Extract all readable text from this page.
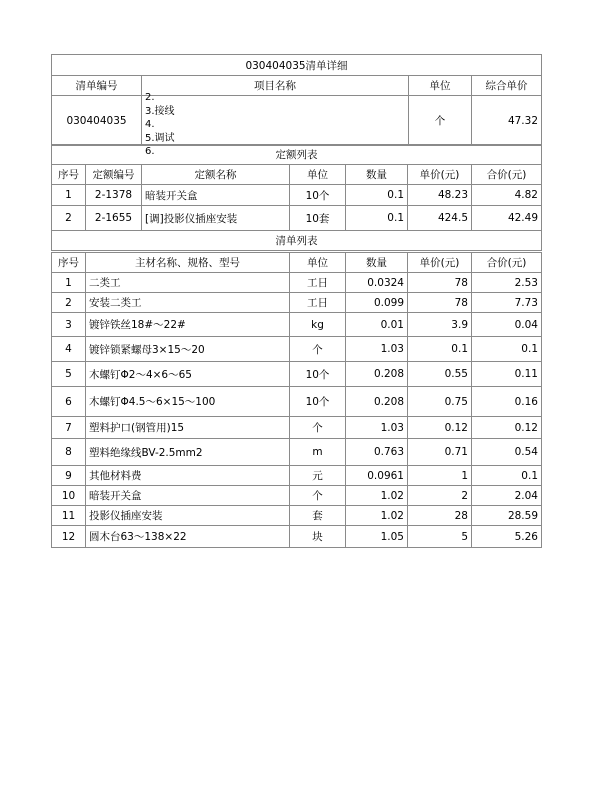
030404035清单详细			
清单编号	项目名称	单位	综合单价
030404035	2.
3.接线
4.
5.调试
6.	个	47.32
定额列表						
序号	定额编号	定额名称	单位	数量	单价(元)	合价(元)
1	2-1378	暗装开关盒	10个	0.1	48.23	4.82
2	2-1655	[调]投影仪插座安装	10套	0.1	424.5	42.49
清单列表						
序号	主材名称、规格、型号	单位	数量	单价(元)	合价(元)
1	二类工	工日	0.0324	78	2.53
2	安装二类工	工日	0.099	78	7.73
3	镀锌铁丝18#～22#	kg	0.01	3.9	0.04
4	镀锌锁紧螺母3×15～20	个	1.03	0.1	0.1
5	木螺钉Φ2～4×6～65	10个	0.208	0.55	0.11
6	木螺钉Φ4.5～6×15～100	10个	0.208	0.75	0.16
7	塑料护口(钢管用)15	个	1.03	0.12	0.12
8	塑料绝缘线BV-2.5mm2	m	0.763	0.71	0.54
9	其他材料费	元	0.0961	1	0.1
10	暗装开关盒	个	1.02	2	2.04
11	投影仪插座安装	套	1.02	28	28.59
12	圆木台63～138×22	块	1.05	5	5.26
